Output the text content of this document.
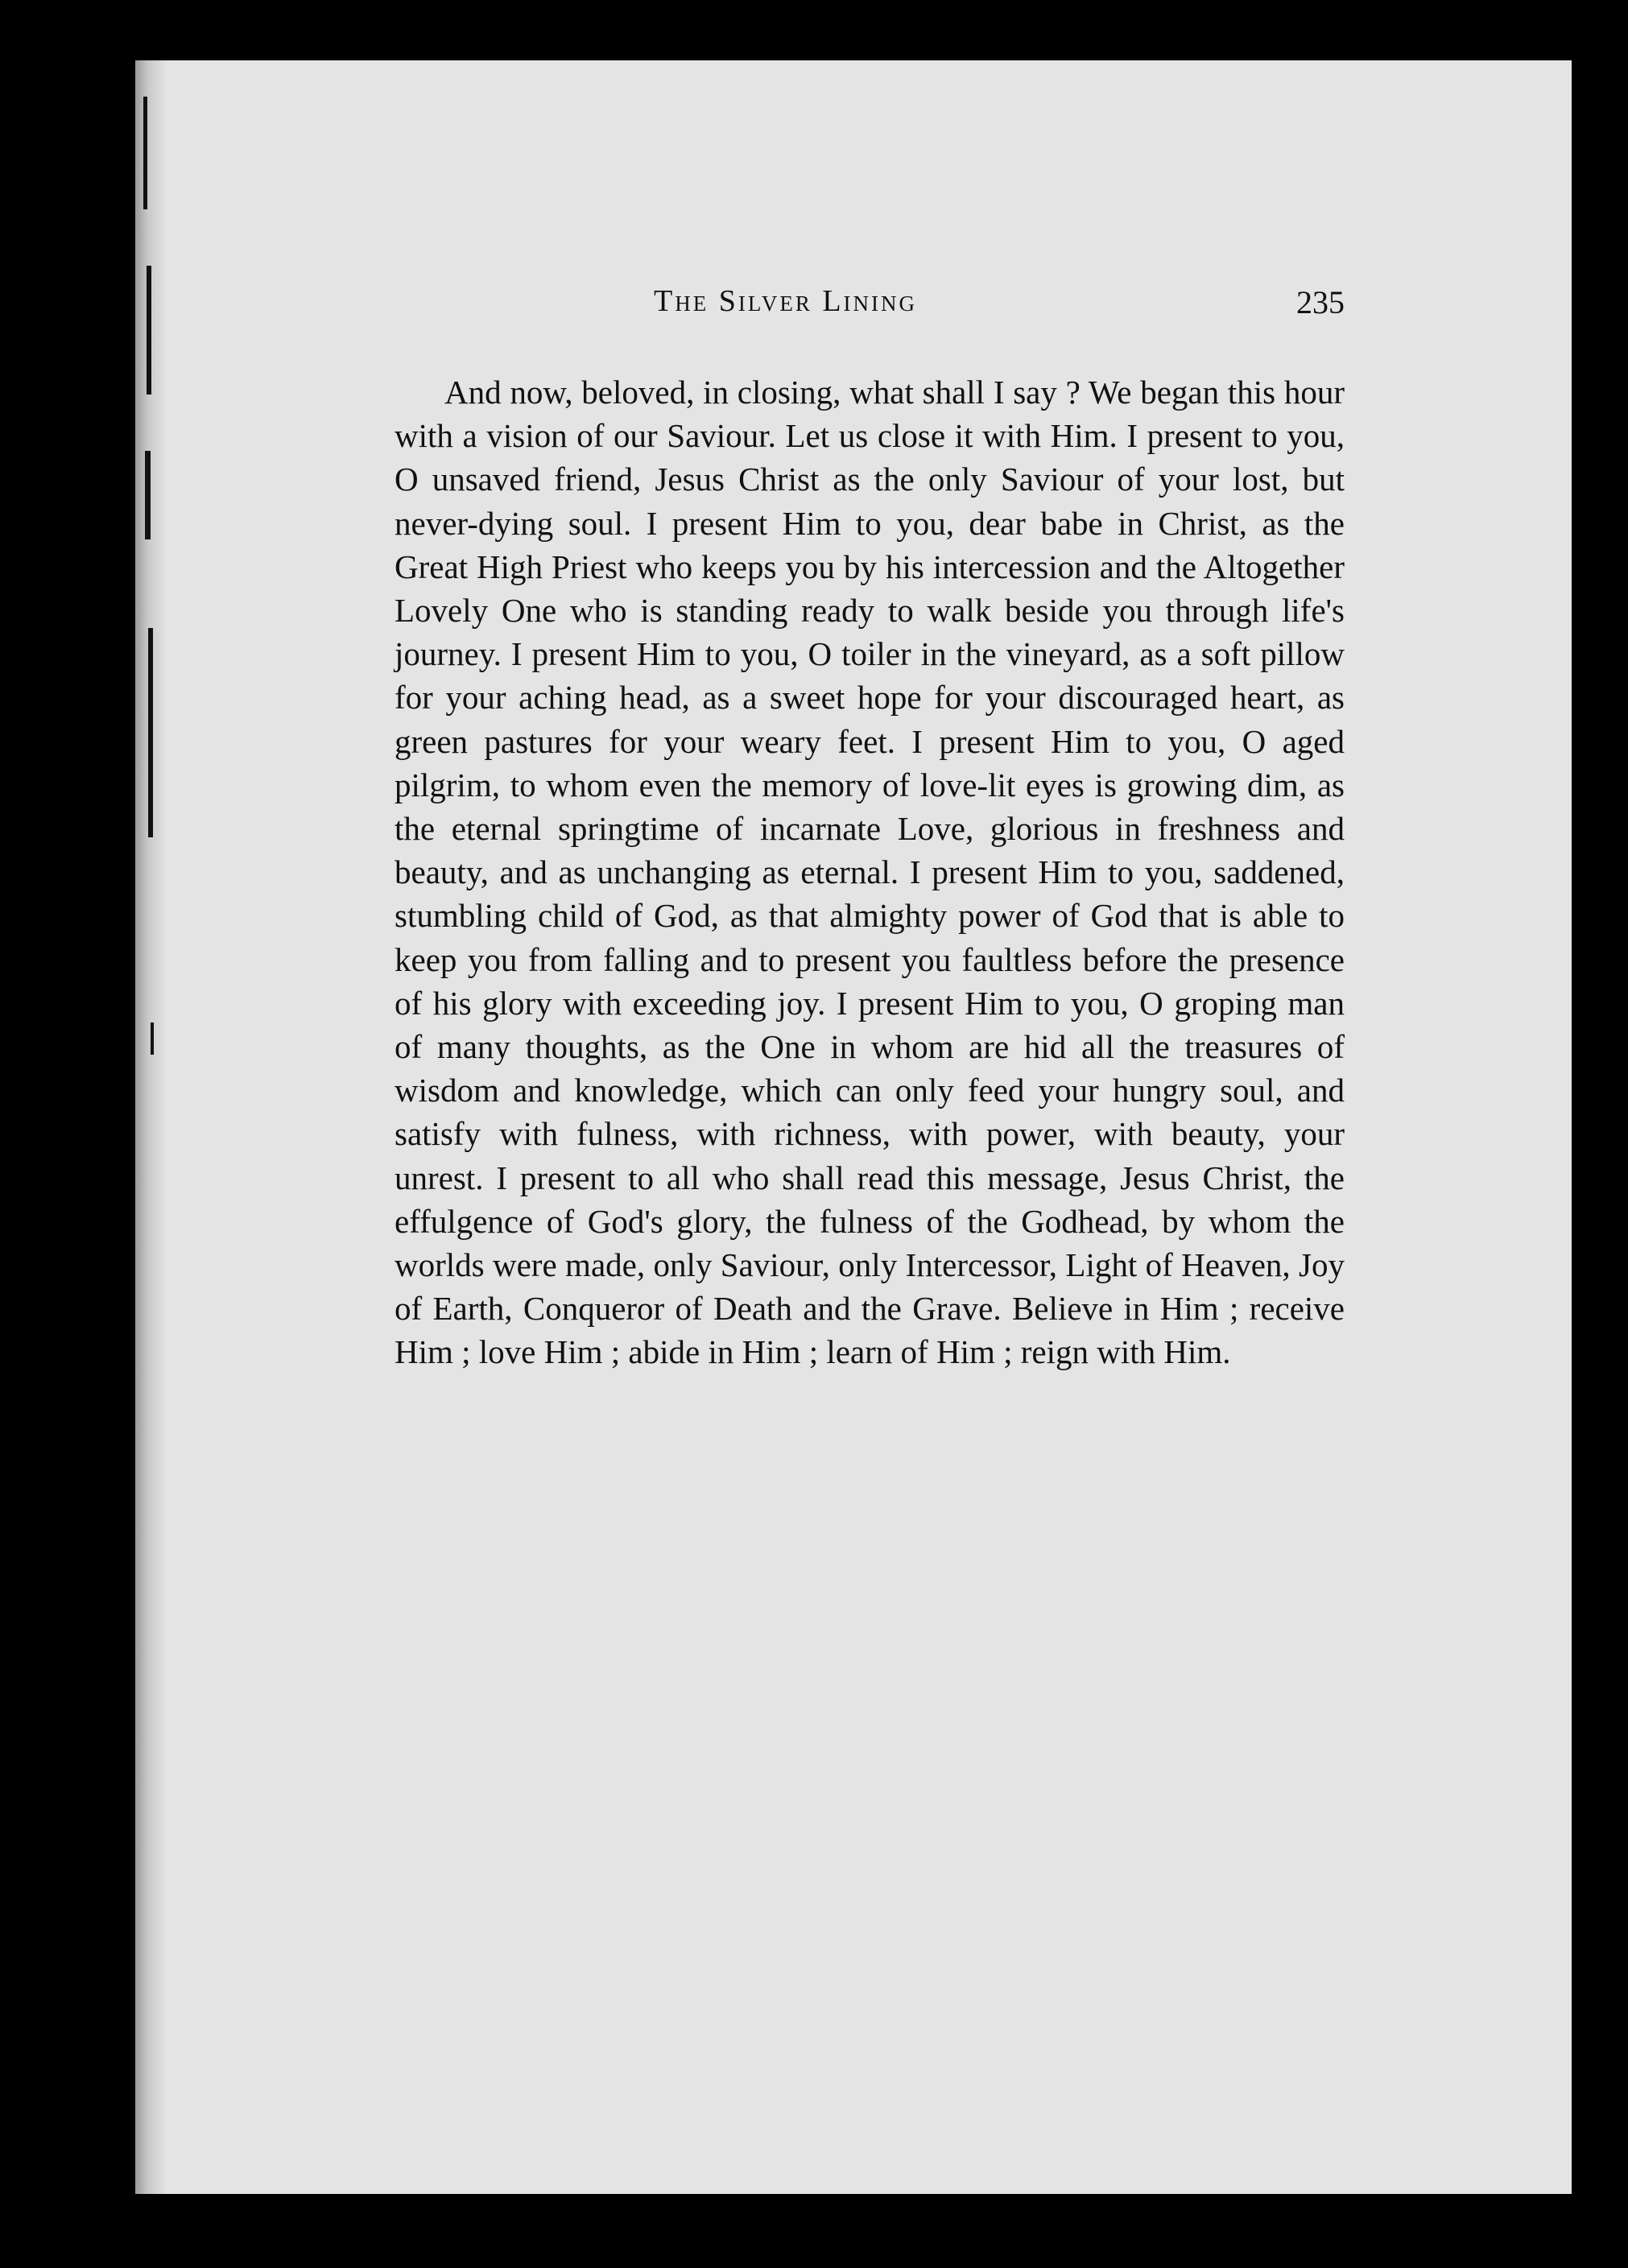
The Silver Lining	235

And now, beloved, in closing, what shall I say ? We began this hour with a vision of our Saviour. Let us close it with Him. I present to you, O unsaved friend, Jesus Christ as the only Saviour of your lost, but never-dying soul. I present Him to you, dear babe in Christ, as the Great High Priest who keeps you by his intercession and the Altogether Lovely One who is standing ready to walk beside you through life's journey. I present Him to you, O toiler in the vineyard, as a soft pillow for your aching head, as a sweet hope for your discouraged heart, as green pastures for your weary feet. I present Him to you, O aged pilgrim, to whom even the memory of love-lit eyes is growing dim, as the eternal springtime of incarnate Love, glorious in freshness and beauty, and as unchanging as eternal. I present Him to you, saddened, stumbling child of God, as that almighty power of God that is able to keep you from falling and to present you faultless before the presence of his glory with exceeding joy. I present Him to you, O groping man of many thoughts, as the One in whom are hid all the treasures of wisdom and knowledge, which can only feed your hungry soul, and satisfy with fulness, with richness, with power, with beauty, your unrest. I present to all who shall read this message, Jesus Christ, the effulgence of God's glory, the fulness of the Godhead, by whom the worlds were made, only Saviour, only Intercessor, Light of Heaven, Joy of Earth, Conqueror of Death and the Grave. Believe in Him ; receive Him ; love Him ; abide in Him ; learn of Him ; reign with Him.
